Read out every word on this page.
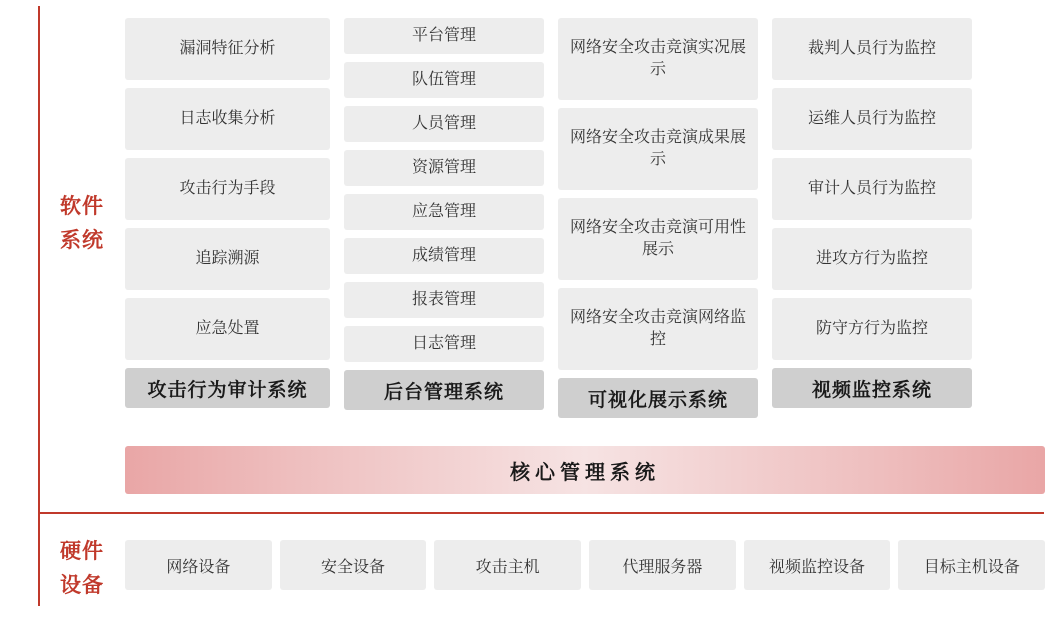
软件
系统
硬件
设备
漏洞特征分析
日志收集分析
攻击行为手段
追踪溯源
应急处置
攻击行为审计系统
平台管理
队伍管理
人员管理
资源管理
应急管理
成绩管理
报表管理
日志管理
后台管理系统
网络安全攻击竞演实况展示
网络安全攻击竞演成果展示
网络安全攻击竞演可用性展示
网络安全攻击竞演网络监控
可视化展示系统
裁判人员行为监控
运维人员行为监控
审计人员行为监控
进攻方行为监控
防守方行为监控
视频监控系统
核心管理系统
网络设备	安全设备	攻击主机	代理服务器	视频监控设备	目标主机设备
